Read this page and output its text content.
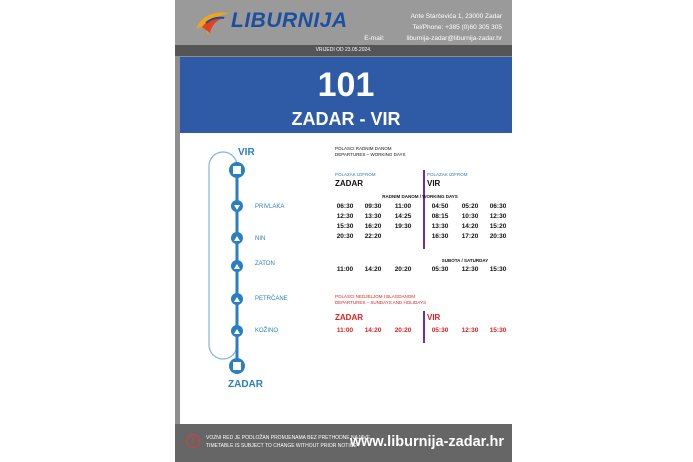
LIBURNIJA	Ante Starčevića 1, 23000 Zadar
Tel/Phone: +385 (0)60 305 305
E-mail:	liburnija-zadar@liburnija-zadar.hr
VRIJEDI OD 23.05.2024.
101
ZADAR - VIR
VIR
PRIVLAKA
NIN
ZATON
PETRČANE
KOŽINO
ZADAR
POLASCI RADNIM DANOM
DEPARTURES – WORKING DAYS
POLAZAK IZ/FROM	POLAZAK IZ/FROM
ZADAR	VIR
RADNIM DANOM / WORKING DAYS
06:30	09:30	11:00
12:30	13:30	14:25
15:30	16:20	19:30
20:30	22:20
04:50	05:20	06:30
08:15	10:30	12:30
13:30	14:20	15:20
16:30	17:20	20:30
SUBOTA / SATURDAY
11:00	14:20	20:20	05:30	12:30	15:30
POLASCI NEDJELJOM I BLAGDANOM
DEPARTURES – SUNDAYS AND HOLIDAYS
ZADAR	VIR
11:00	14:20	20:20	05:30	12:30	15:30
!	VOZNI RED JE PODLOŽAN PROMJENAMA BEZ PRETHODNE NAJAVE
TIMETABLE IS SUBJECT TO CHANGE WITHOUT PRIOR NOTICE
www.liburnija-zadar.hr
